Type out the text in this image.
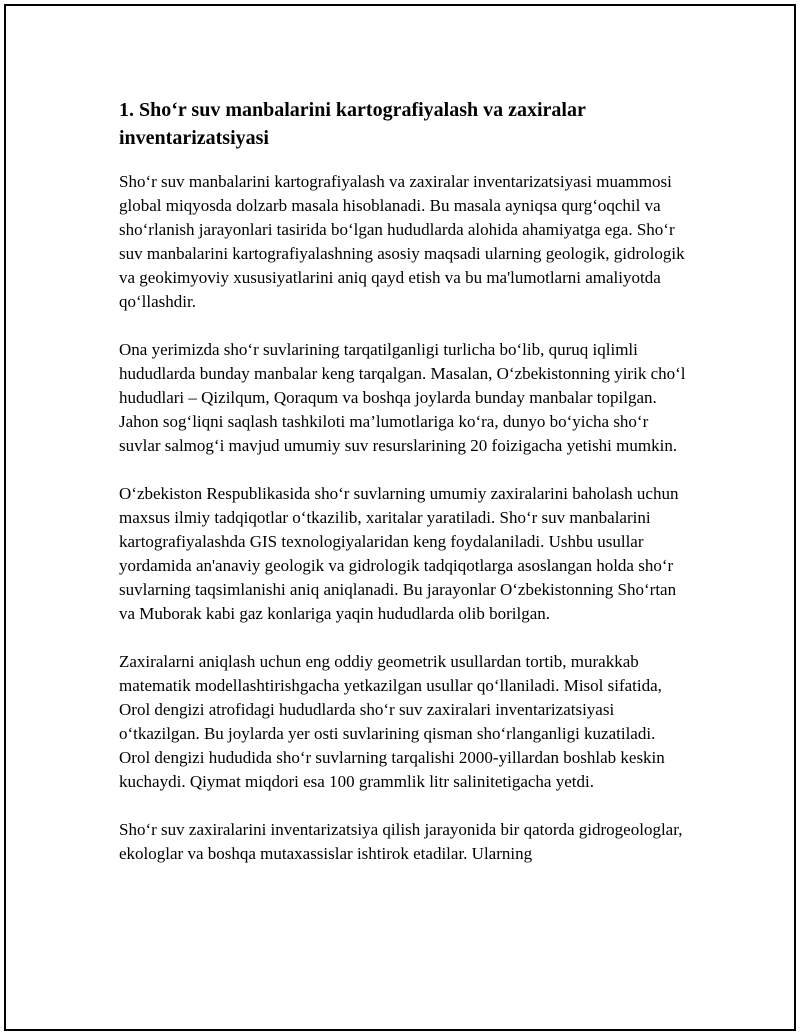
1. Sho‘r suv manbalarini kartografiyalash va zaxiralar inventarizatsiyasi

Sho‘r suv manbalarini kartografiyalash va zaxiralar inventarizatsiyasi muammosi global miqyosda dolzarb masala hisoblanadi. Bu masala ayniqsa qurg‘oqchil va sho‘rlanish jarayonlari tasirida bo‘lgan hududlarda alohida ahamiyatga ega. Sho‘r suv manbalarini kartografiyalashning asosiy maqsadi ularning geologik, gidrologik va geokimyoviy xususiyatlarini aniq qayd etish va bu ma'lumotlarni amaliyotda qo‘llashdir.

Ona yerimizda sho‘r suvlarining tarqatilganligi turlicha bo‘lib, quruq iqlimli hududlarda bunday manbalar keng tarqalgan. Masalan, O‘zbekistonning yirik cho‘l hududlari – Qizilqum, Qoraqum va boshqa joylarda bunday manbalar topilgan. Jahon sog‘liqni saqlash tashkiloti ma’lumotlariga ko‘ra, dunyo bo‘yicha sho‘r suvlar salmog‘i mavjud umumiy suv resurslarining 20 foizigacha yetishi mumkin.

O‘zbekiston Respublikasida sho‘r suvlarning umumiy zaxiralarini baholash uchun maxsus ilmiy tadqiqotlar o‘tkazilib, xaritalar yaratiladi. Sho‘r suv manbalarini kartografiyalashda GIS texnologiyalaridan keng foydalaniladi. Ushbu usullar yordamida an'anaviy geologik va gidrologik tadqiqotlarga asoslangan holda sho‘r suvlarning taqsimlanishi aniq aniqlanadi. Bu jarayonlar O‘zbekistonning Sho‘rtan va Muborak kabi gaz konlariga yaqin hududlarda olib borilgan.

Zaxiralarni aniqlash uchun eng oddiy geometrik usullardan tortib, murakkab matematik modellashtirishgacha yetkazilgan usullar qo‘llaniladi. Misol sifatida, Orol dengizi atrofidagi hududlarda sho‘r suv zaxiralari inventarizatsiyasi o‘tkazilgan. Bu joylarda yer osti suvlarining qisman sho‘rlanganligi kuzatiladi. Orol dengizi hududida sho‘r suvlarning tarqalishi 2000-yillardan boshlab keskin kuchaydi. Qiymat miqdori esa 100 grammlik litr salinitetigacha yetdi.

Sho‘r suv zaxiralarini inventarizatsiya qilish jarayonida bir qatorda gidrogeologlar, ekologlar va boshqa mutaxassislar ishtirok etadilar. Ularning
